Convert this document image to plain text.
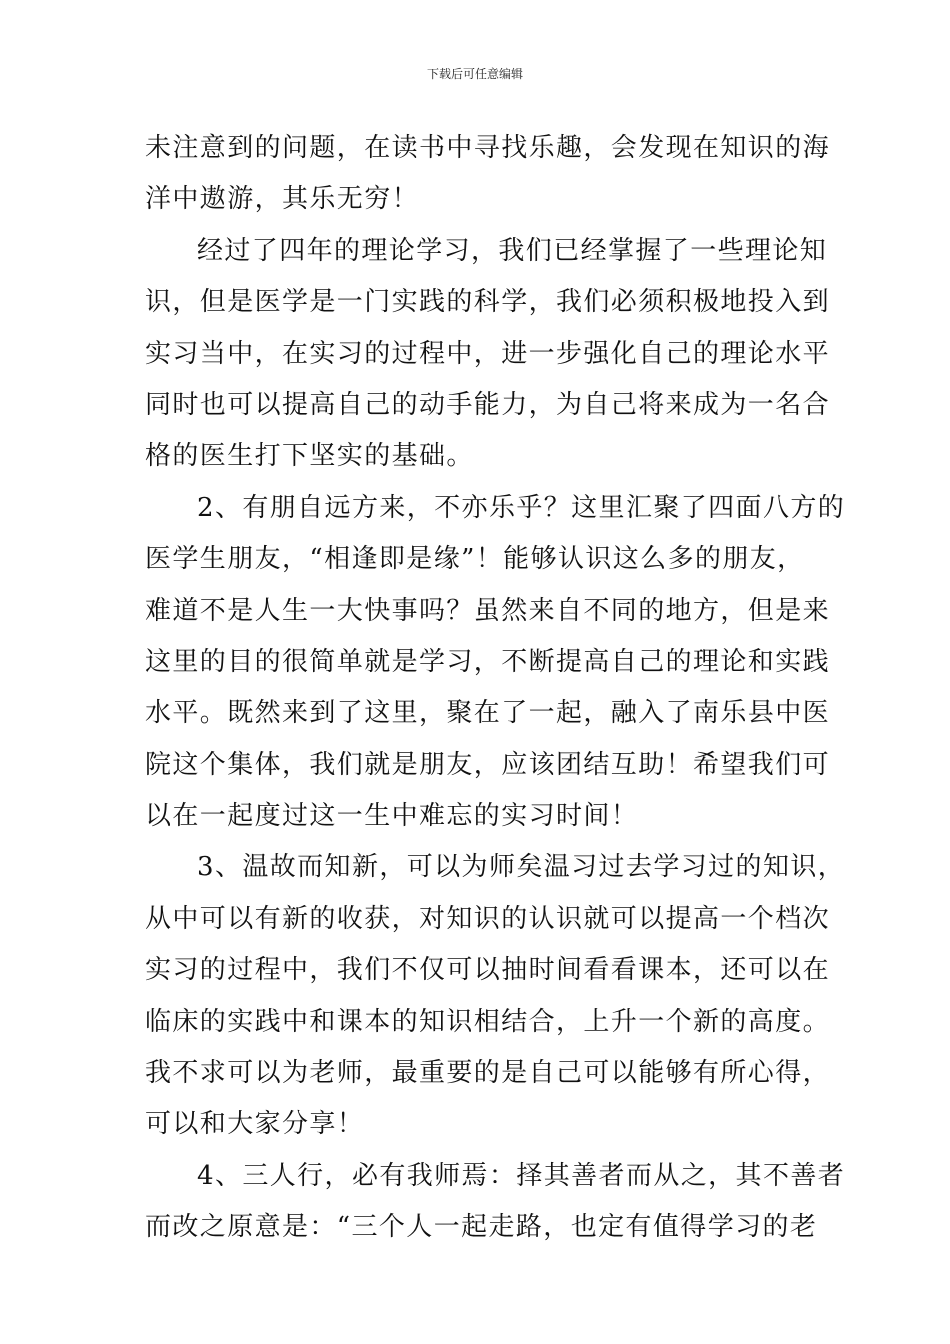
下载后可任意编辑
未注意到的问题，在读书中寻找乐趣，会发现在知识的海
洋中遨游，其乐无穷！
经过了四年的理论学习，我们已经掌握了一些理论知
识，但是医学是一门实践的科学，我们必须积极地投入到
实习当中，在实习的过程中，进一步强化自己的理论水平
同时也可以提高自己的动手能力，为自己将来成为一名合
格的医生打下坚实的基础。
2、有朋自远方来，不亦乐乎？这里汇聚了四面八方的
医学生朋友，“相逢即是缘”！能够认识这么多的朋友，
难道不是人生一大快事吗？虽然来自不同的地方，但是来
这里的目的很简单就是学习，不断提高自己的理论和实践
水平。既然来到了这里，聚在了一起，融入了南乐县中医
院这个集体，我们就是朋友，应该团结互助！希望我们可
以在一起度过这一生中难忘的实习时间！
3、温故而知新，可以为师矣温习过去学习过的知识，
从中可以有新的收获，对知识的认识就可以提高一个档次
实习的过程中，我们不仅可以抽时间看看课本，还可以在
临床的实践中和课本的知识相结合，上升一个新的高度。
我不求可以为老师，最重要的是自己可以能够有所心得，
可以和大家分享！
4、三人行，必有我师焉：择其善者而从之，其不善者
而改之原意是：“三个人一起走路，也定有值得学习的老
